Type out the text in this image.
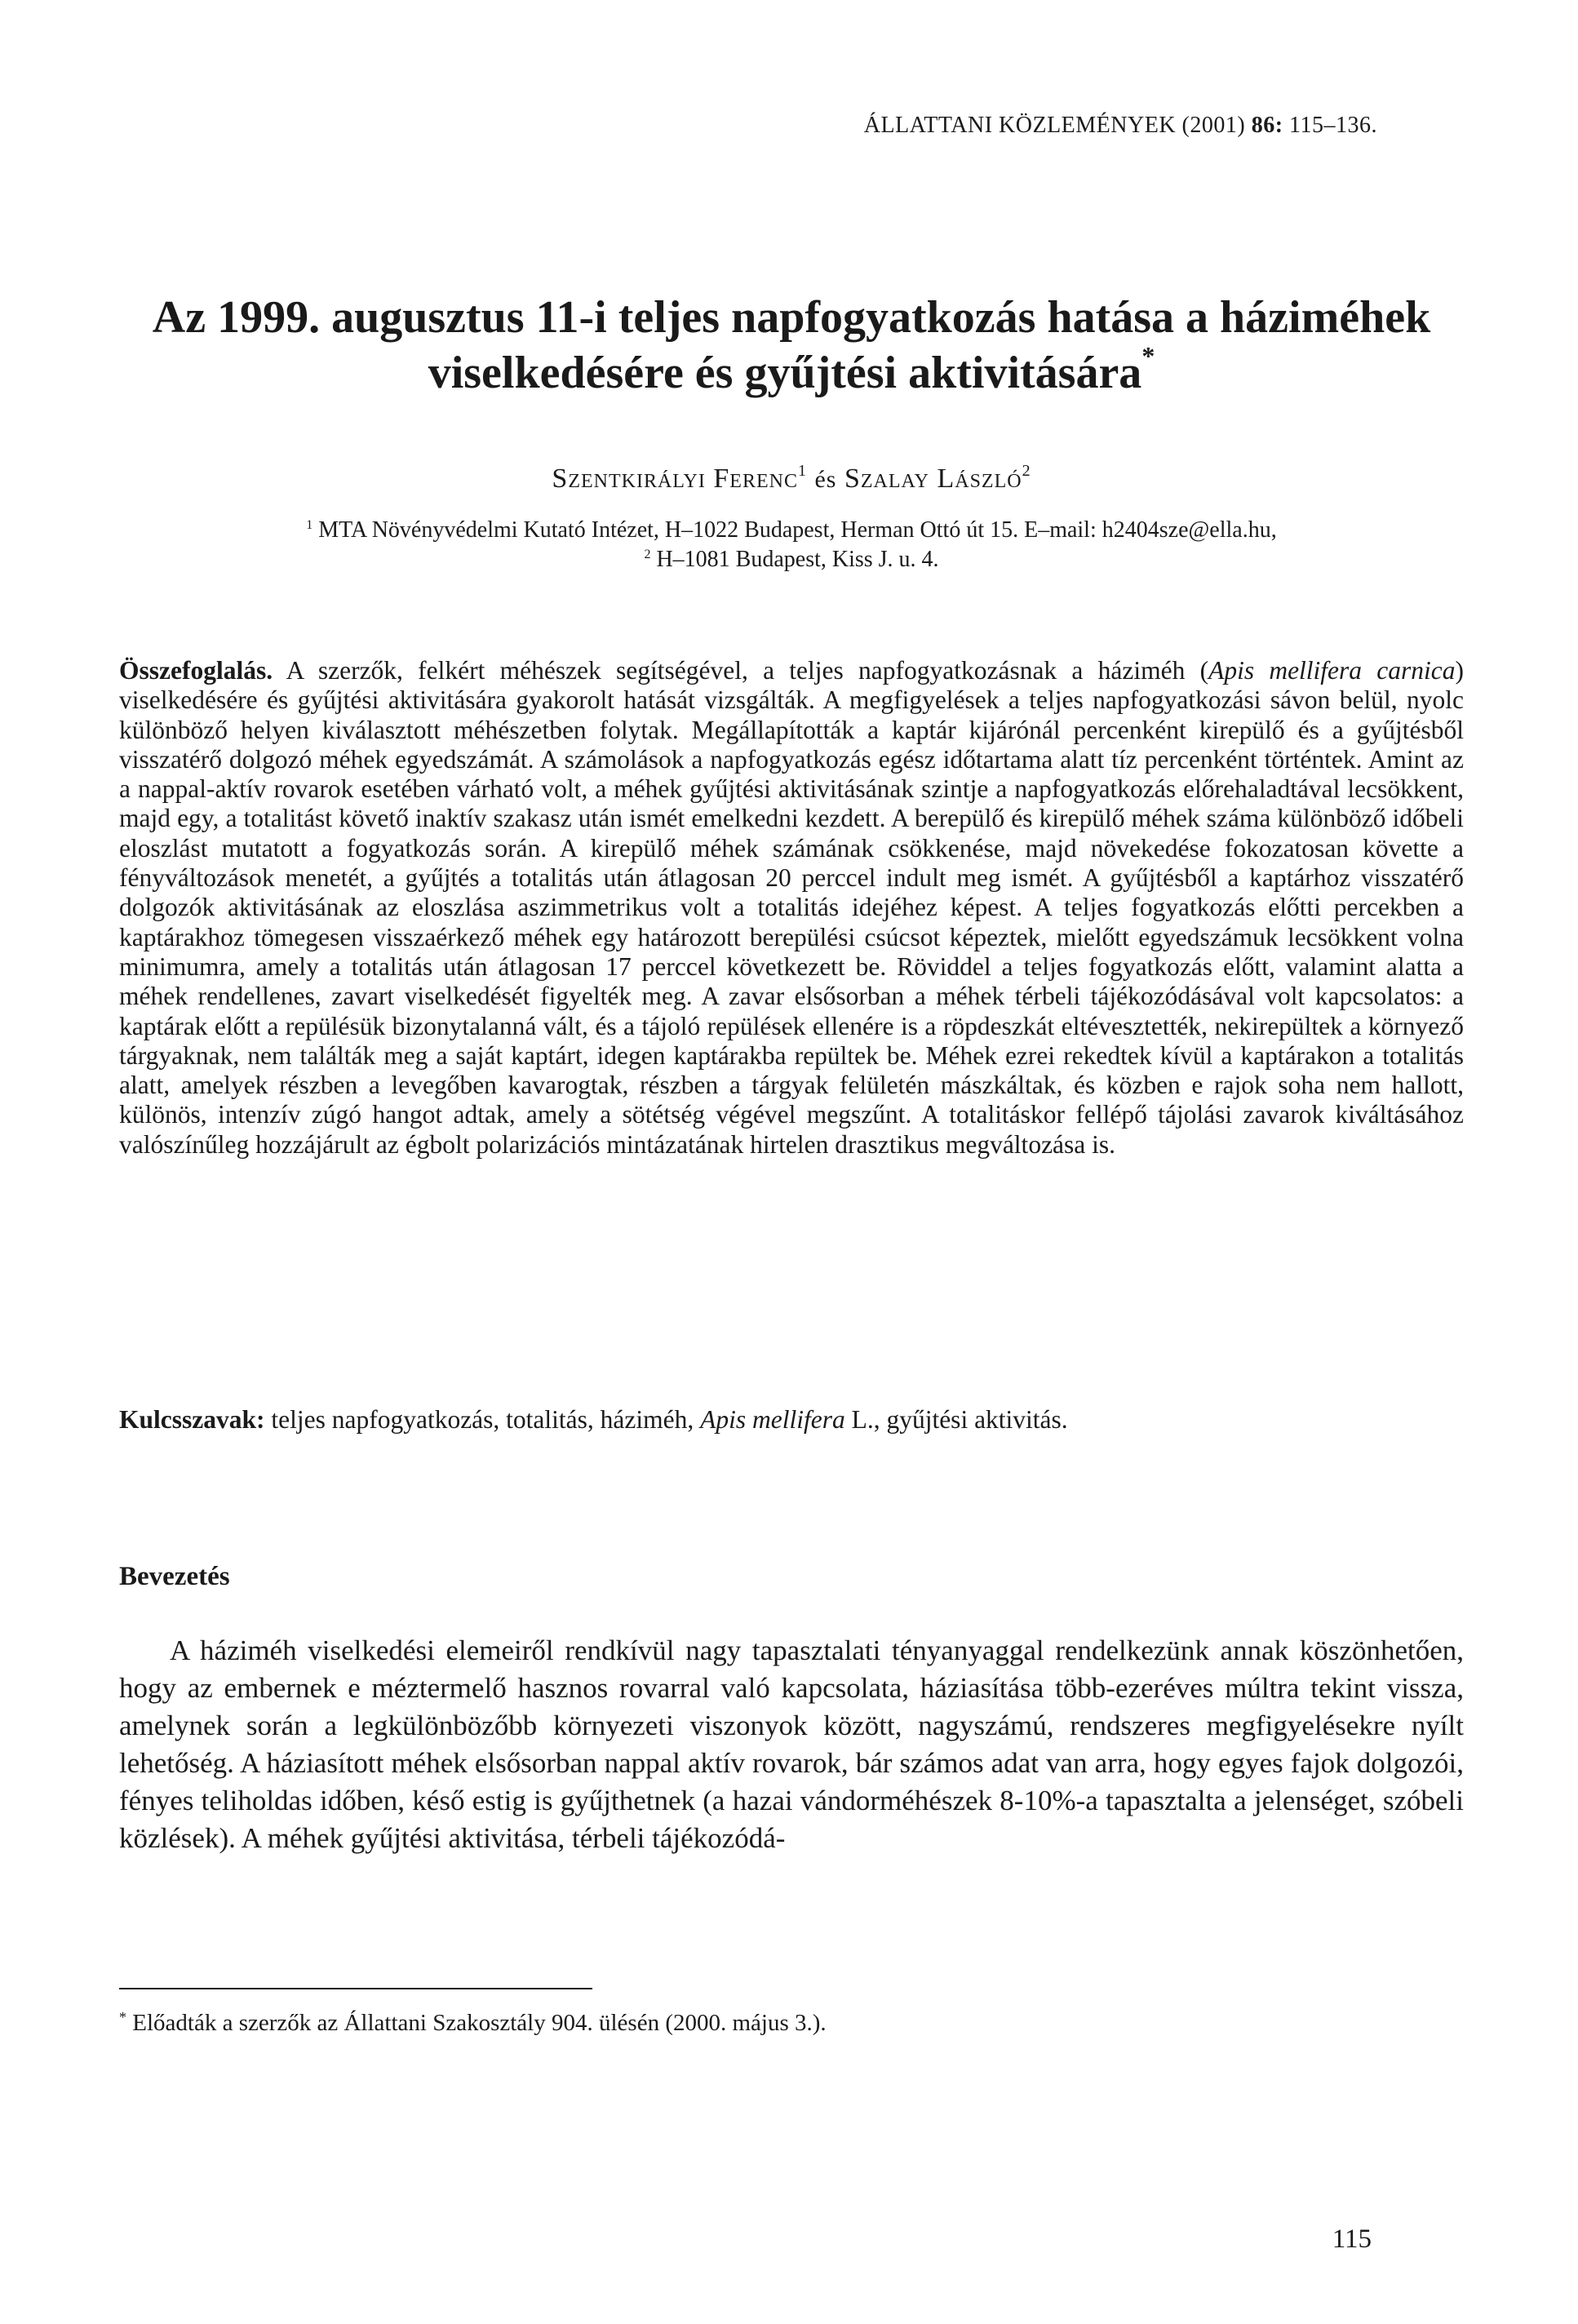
ÁLLATTANI KÖZLEMÉNYEK (2001) 86: 115–136.
Az 1999. augusztus 11-i teljes napfogyatkozás hatása a háziméhek viselkedésére és gyűjtési aktivitására*
Szentkirályi Ferenc$^1$ és Szalay László$^2$
$^1$ MTA Növényvédelmi Kutató Intézet, H–1022 Budapest, Herman Ottó út 15. E–mail: h2404sze@ella.hu,
$^2$ H–1081 Budapest, Kiss J. u. 4.
Összefoglalás. A szerzők, felkért méhészek segítségével, a teljes napfogyatkozásnak a háziméh (Apis mellifera carnica) viselkedésére és gyűjtési aktivitására gyakorolt hatását vizsgálták. A megfigyelések a teljes napfogyatkozási sávon belül, nyolc különböző helyen kiválasztott méhészetben folytak. Megállapították a kaptár kijárónál percenként kirepülő és a gyűjtésből visszatérő dolgozó méhek egyedszámát. A számolások a napfogyatkozás egész időtartama alatt tíz percenként történtek. Amint az a nappal-aktív rovarok esetében várható volt, a méhek gyűjtési aktivitásának szintje a napfogyatkozás előrehaladtával lecsökkent, majd egy, a totalitást követő inaktív szakasz után ismét emelkedni kezdett. A berepülő és kirepülő méhek száma különböző időbeli eloszlást mutatott a fogyatkozás során. A kirepülő méhek számának csökkenése, majd növekedése fokozatosan követte a fényváltozások menetét, a gyűjtés a totalitás után átlagosan 20 perccel indult meg ismét. A gyűjtésből a kaptárhoz visszatérő dolgozók aktivitásának az eloszlása aszimmetrikus volt a totalitás idejéhez képest. A teljes fogyatkozás előtti percekben a kaptárakhoz tömegesen visszaérkező méhek egy határozott berepülési csúcsot képeztek, mielőtt egyedszámuk lecsökkent volna minimumra, amely a totalitás után átlagosan 17 perccel következett be. Röviddel a teljes fogyatkozás előtt, valamint alatta a méhek rendellenes, zavart viselkedését figyelték meg. A zavar elsősorban a méhek térbeli tájékozódásával volt kapcsolatos: a kaptárak előtt a repülésük bizonytalanná vált, és a tájoló repülések ellenére is a röpdeszkát eltévesztették, nekirepültek a környező tárgyaknak, nem találták meg a saját kaptárt, idegen kaptárakba repültek be. Méhek ezrei rekedtek kívül a kaptárakon a totalitás alatt, amelyek részben a levegőben kavarogtak, részben a tárgyak felületén mászkáltak, és közben e rajok soha nem hallott, különös, intenzív zúgó hangot adtak, amely a sötétség végével megszűnt. A totalitáskor fellépő tájolási zavarok kiváltásához valószínűleg hozzájárult az égbolt polarizációs mintázatának hirtelen drasztikus megváltozása is.
Kulcsszavak: teljes napfogyatkozás, totalitás, háziméh, Apis mellifera L., gyűjtési aktivitás.
Bevezetés
A háziméh viselkedési elemeiről rendkívül nagy tapasztalati tényanyaggal rendelkezünk annak köszönhetően, hogy az embernek e méztermelő hasznos rovarral való kapcsolata, háziasítása több-ezeréves múltra tekint vissza, amelynek során a legkülönbözőbb környezeti viszonyok között, nagyszámú, rendszeres megfigyelésekre nyílt lehetőség. A háziasított méhek elsősorban nappal aktív rovarok, bár számos adat van arra, hogy egyes fajok dolgozói, fényes teliholdas időben, késő estig is gyűjthetnek (a hazai vándorméhészek 8-10%-a tapasztalta a jelenséget, szóbeli közlések). A méhek gyűjtési aktivitása, térbeli tájékozódá-
* Előadták a szerzők az Állattani Szakosztály 904. ülésén (2000. május 3.).
115
